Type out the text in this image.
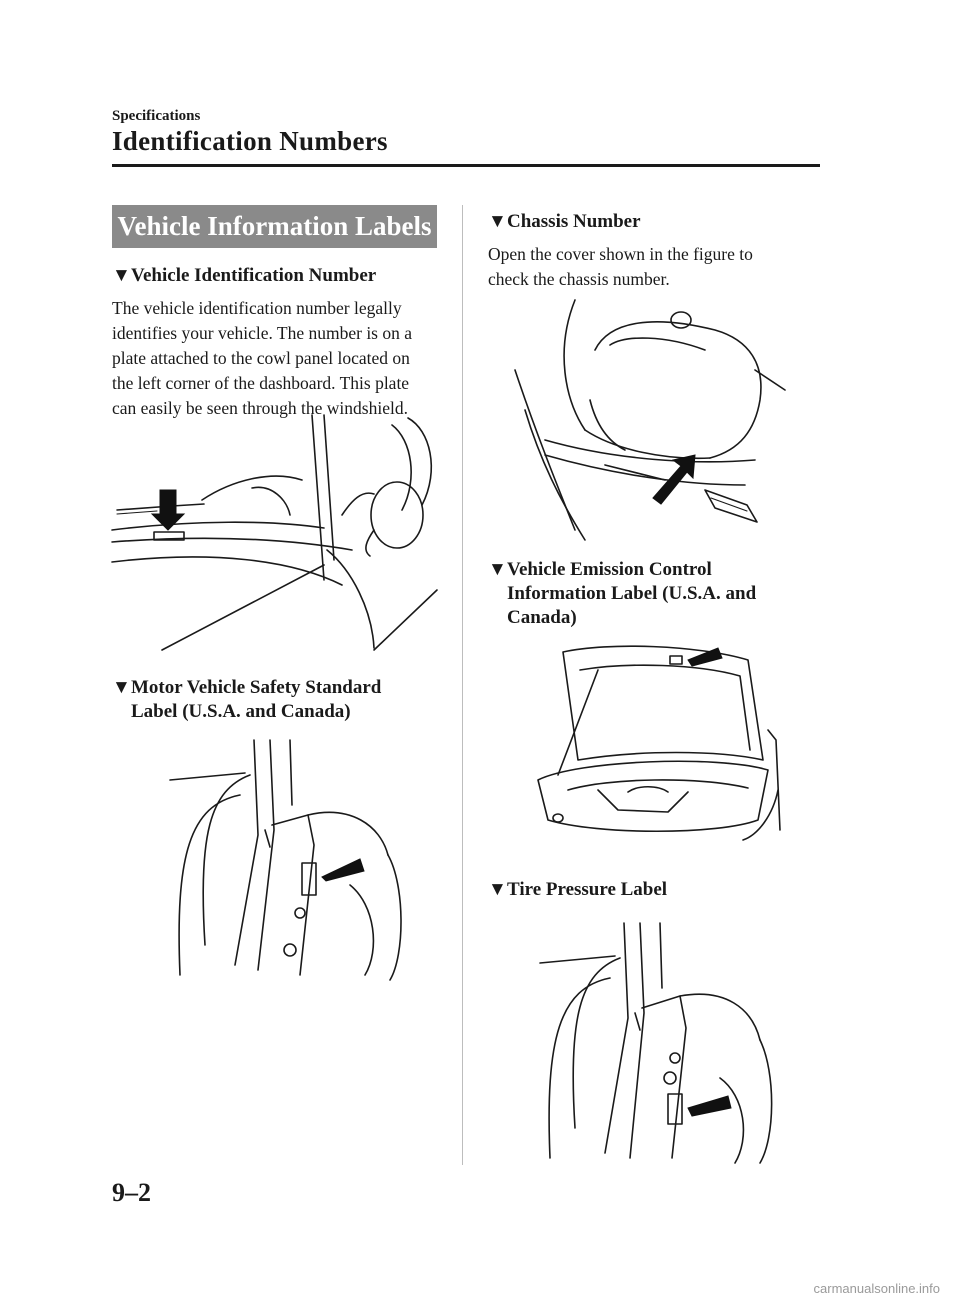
Specifications
Identification Numbers
Vehicle Information Labels
▼Vehicle Identification Number
The vehicle identification number legally
identifies your vehicle. The number is on a
plate attached to the cowl panel located on
the left corner of the dashboard. This plate
can easily be seen through the windshield.
▼Motor Vehicle Safety Standard
Label (U.S.A. and Canada)
▼Chassis Number
Open the cover shown in the figure to
check the chassis number.
▼Vehicle Emission Control
Information Label (U.S.A. and
Canada)
▼Tire Pressure Label
9–2
carmanualsonline.info
